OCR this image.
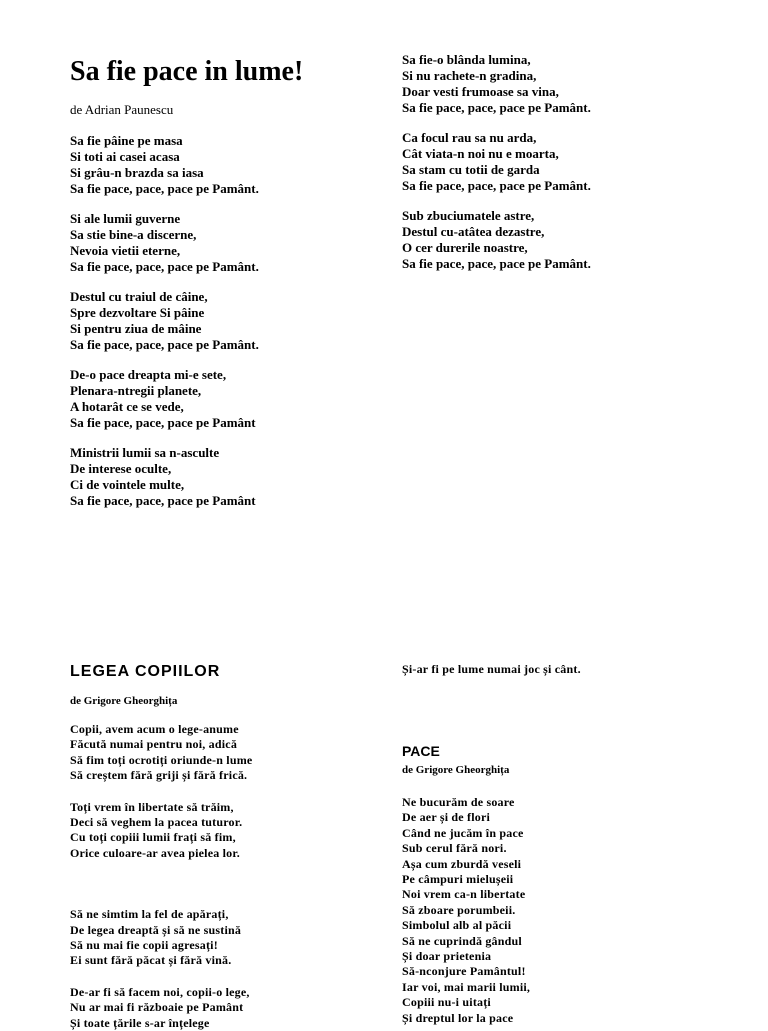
Sa fie pace in lume!
de Adrian Paunescu
Sa fie pâine pe masa
Si toti ai casei acasa
Si grâu-n brazda sa iasa
Sa fie pace, pace, pace pe Pamânt.
Si ale lumii guverne
Sa stie bine-a discerne,
Nevoia vietii eterne,
Sa fie pace, pace, pace pe Pamânt.
Destul cu traiul de câine,
Spre dezvoltare Si pâine
Si pentru ziua de mâine
Sa fie pace, pace, pace pe Pamânt.
De-o pace dreapta mi-e sete,
Plenara-ntregii planete,
A hotarât ce se vede,
Sa fie pace, pace, pace pe Pamânt
Ministrii lumii sa n-asculte
De interese oculte,
Ci de vointele multe,
Sa fie pace, pace, pace pe Pamânt
Sa fie-o blânda lumina,
Si nu rachete-n gradina,
Doar vesti frumoase sa vina,
Sa fie pace, pace, pace pe Pamânt.
Ca focul rau sa nu arda,
Cât viata-n noi nu e moarta,
Sa stam cu totii de garda
Sa fie pace, pace, pace pe Pamânt.
Sub zbuciumatele astre,
Destul cu-atâtea dezastre,
O cer durerile noastre,
Sa fie pace, pace, pace pe Pamânt.
LEGEA COPIILOR
de Grigore Gheorghița
Copii, avem acum o lege-anume
Făcută numai pentru noi, adică
Să fim toți ocrotiți oriunde-n lume
Să creștem fără griji și fără frică.
Toți vrem în libertate să trăim,
Deci să veghem la pacea tuturor.
Cu toți copiii lumii frați să fim,
Orice culoare-ar avea pielea lor.
Să ne simtim la fel de apărați,
De legea dreaptă și să ne sustină
Să nu mai fie copii agresați!
Ei sunt fără păcat și fără vină.
De-ar fi să facem noi, copii-o lege,
Nu ar mai fi războaie pe Pamânt
Și toate țările s-ar înțelege
Și-ar fi pe lume numai joc și cânt.
PACE
de Grigore Gheorghița
Ne bucurăm de soare
De aer și de flori
Când ne jucăm în pace
Sub cerul fără nori.
Așa cum zburdă veseli
Pe câmpuri mielușeii
Noi vrem ca-n libertate
Să zboare porumbeii.
Simbolul alb al păcii
Să ne cuprindă gândul
Și doar prietenia
Să-nconjure Pamântul!
Iar voi, mai marii lumii,
Copiii nu-i uitați
Și dreptul lor la pace
